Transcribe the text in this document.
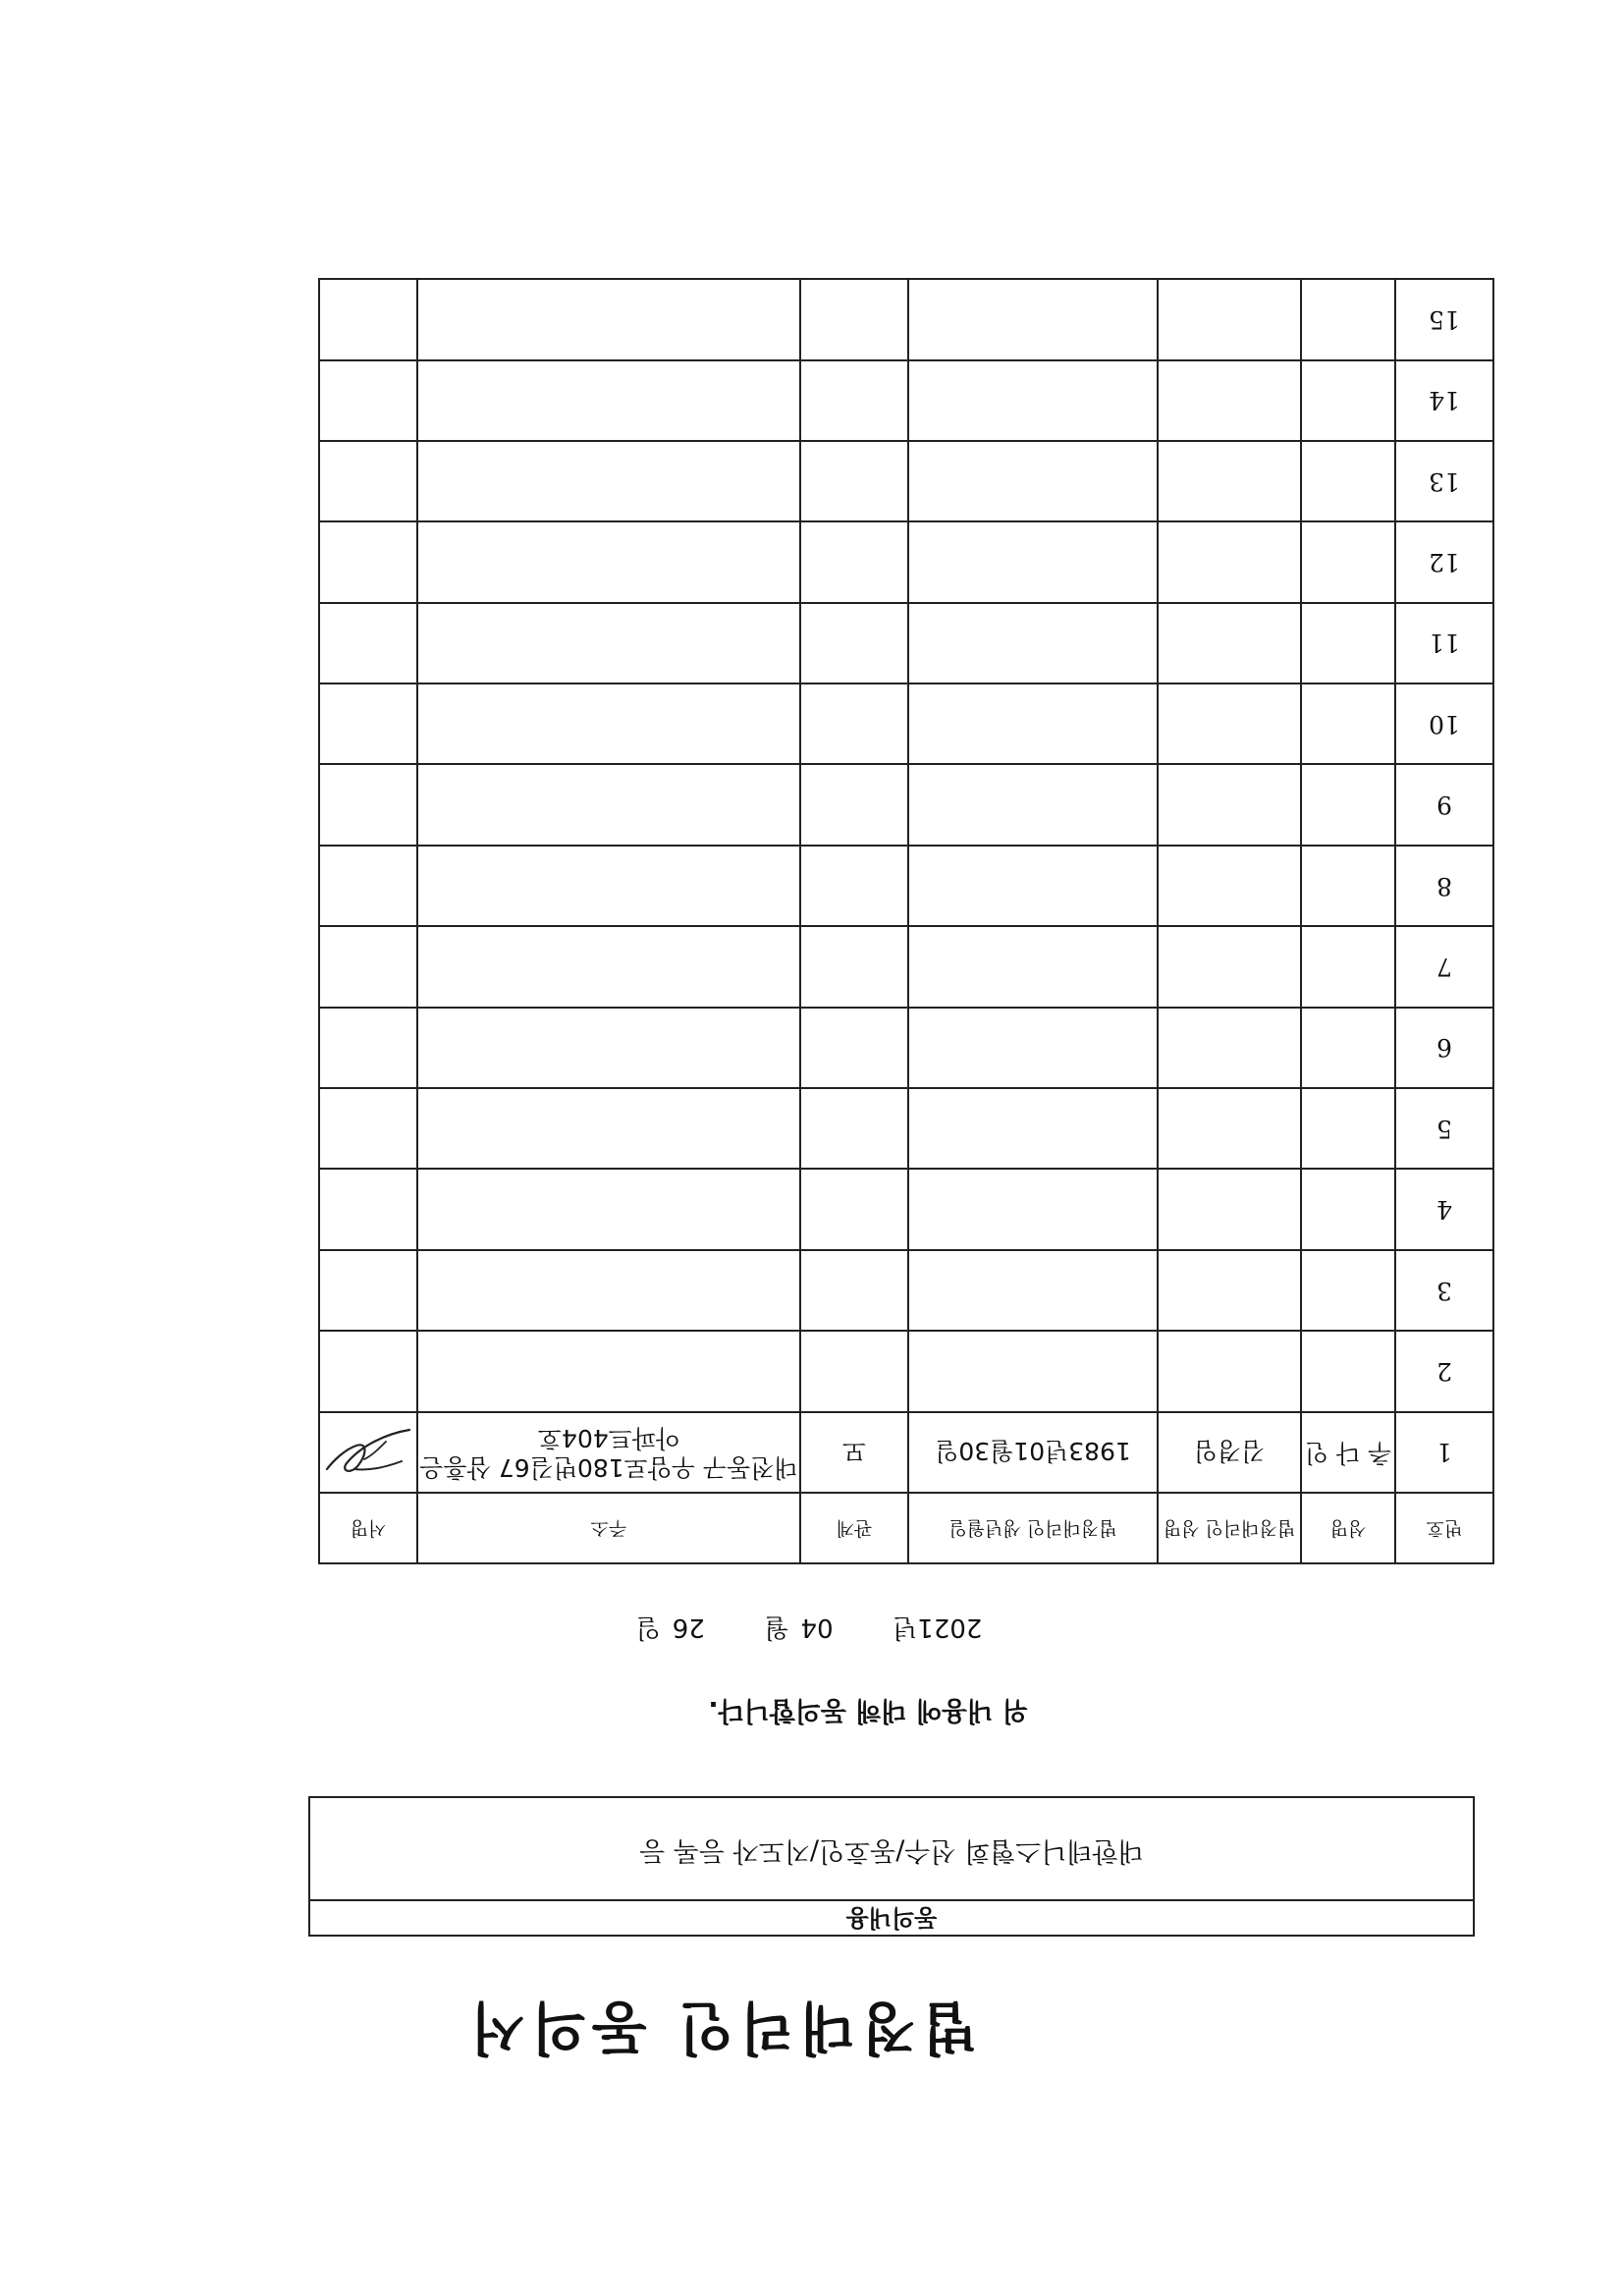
법정대리인 동의서
동의내용
대한테니스협회 선수/동호인/지도자 등록 등
위 내용에 대해 동의합니다.
2021년  04월  26일
번호	성명	법정대리인 성명	법정대리인 생년월일	관계	주소	서명
1	추 다 인	김경임	1983년01월30일	모	대전동구 우암로180번길67 삼흥은아파트404호	

2						
3						
4						
5						
6						
7						
8						
9						
10						
11						
12						
13						
14						
15						
